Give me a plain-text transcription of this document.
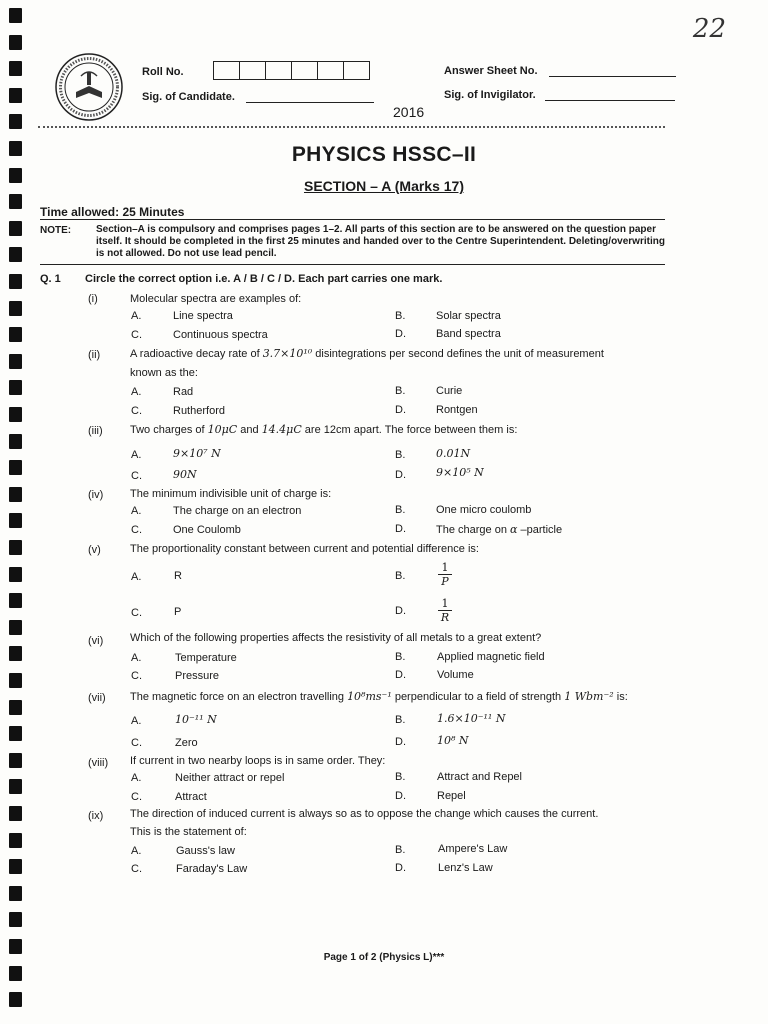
22
Roll No.
Sig. of Candidate.
Answer Sheet No.
Sig. of Invigilator.
2016
PHYSICS HSSC–II
SECTION – A (Marks 17)
Time allowed: 25 Minutes
NOTE: Section–A is compulsory and comprises pages 1–2. All parts of this section are to be answered on the question paper itself. It should be completed in the first 25 minutes and handed over to the Centre Superintendent. Deleting/overwriting is not allowed. Do not use lead pencil.
Q. 1 Circle the correct option i.e. A / B / C / D. Each part carries one mark.
(i)	Molecular spectra are examples of:
A.	Line spectra	B.	Solar spectra
C.	Continuous spectra	D.	Band spectra
(ii)	A radioactive decay rate of 3.7×10¹⁰ disintegrations per second defines the unit of measurement
known as the:
A.	Rad	B.	Curie
C.	Rutherford	D.	Rontgen
(iii) Two charges of 10μC and 14.4μC are 12cm apart. The force between them is:
A.	9×10⁷ N	B.	0.01N
C.	90N	D.	9×10⁵ N
(iv) The minimum indivisible unit of charge is:
A.	The charge on an electron	B.	One micro coulomb
C.	One Coulomb	D.	The charge on α –particle
(v)	The proportionality constant between current and potential difference is:
A.	R	B.	$\frac{1}{P}$
C.	P	D.	$\frac{1}{R}$
(vi) Which of the following properties affects the resistivity of all metals to a great extent?
A.	Temperature	B.	Applied magnetic field
C.	Pressure	D.	Volume
(vii) The magnetic force on an electron travelling 10⁸ms⁻¹ perpendicular to a field of strength 1 Wbm⁻² is:
A.	10⁻¹¹ N	B.	1.6×10⁻¹¹ N
C.	Zero	D.	10⁸ N
(viii) If current in two nearby loops is in same order. They:
A.	Neither attract or repel	B.	Attract and Repel
C.	Attract	D.	Repel
(ix) The direction of induced current is always so as to oppose the change which causes the current.
This is the statement of:
A.	Gauss's law	B.	Ampere's Law
C.	Faraday's Law	D.	Lenz's Law
Page 1 of 2 (Physics L)***
